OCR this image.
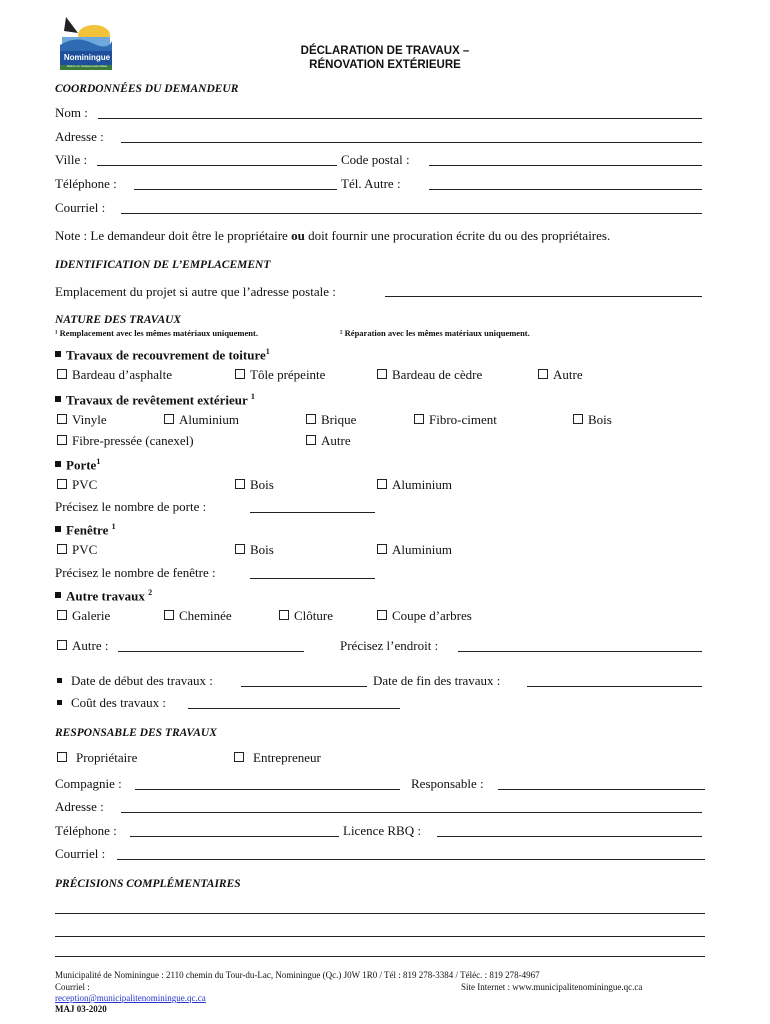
Nominingue
Nature en Hautes-Laurentides
DÉCLARATION DE TRAVAUX –
RÉNOVATION EXTÉRIEURE
COORDONNÉES DU DEMANDEUR
Nom :
Adresse :
Ville :	Code postal :
Téléphone :	Tél. Autre :
Courriel :
Note : Le demandeur doit être le propriétaire ou doit fournir une procuration écrite du ou des propriétaires.
IDENTIFICATION DE L’EMPLACEMENT
Emplacement du projet si autre que l’adresse postale :
NATURE DES TRAVAUX
¹ Remplacement avec les mêmes matériaux uniquement.	² Réparation avec les mêmes matériaux uniquement.
Travaux de recouvrement de toiture$^1$
Bardeau d’asphalte	Tôle prépeinte	Bardeau de cèdre	Autre
Travaux de revêtement extérieur $^1$
Vinyle	Aluminium	Brique	Fibro-ciment	Bois
Fibre-pressée (canexel)	Autre
Porte$^1$
PVC	Bois	Aluminium
Précisez le nombre de porte :
Fenêtre $^1$
PVC	Bois	Aluminium
Précisez le nombre de fenêtre :
Autre travaux $^2$
Galerie	Cheminée	Clôture	Coupe d’arbres
Autre :	Précisez l’endroit :
Date de début des travaux :	Date de fin des travaux :
Coût des travaux :
RESPONSABLE DES TRAVAUX
Propriétaire	Entrepreneur
Compagnie :	Responsable :
Adresse :
Téléphone :	Licence RBQ :
Courriel :
PRÉCISIONS COMPLÉMENTAIRES
Municipalité de Nominingue : 2110 chemin du Tour-du-Lac, Nominingue (Qc.) J0W 1R0 / Tél : 819 278-3384 / Téléc. : 819 278-4967
Courriel :	Site Internet : www.municipalitenominingue.qc.ca
reception@municipalitenominingue.qc.ca
MAJ 03-2020
